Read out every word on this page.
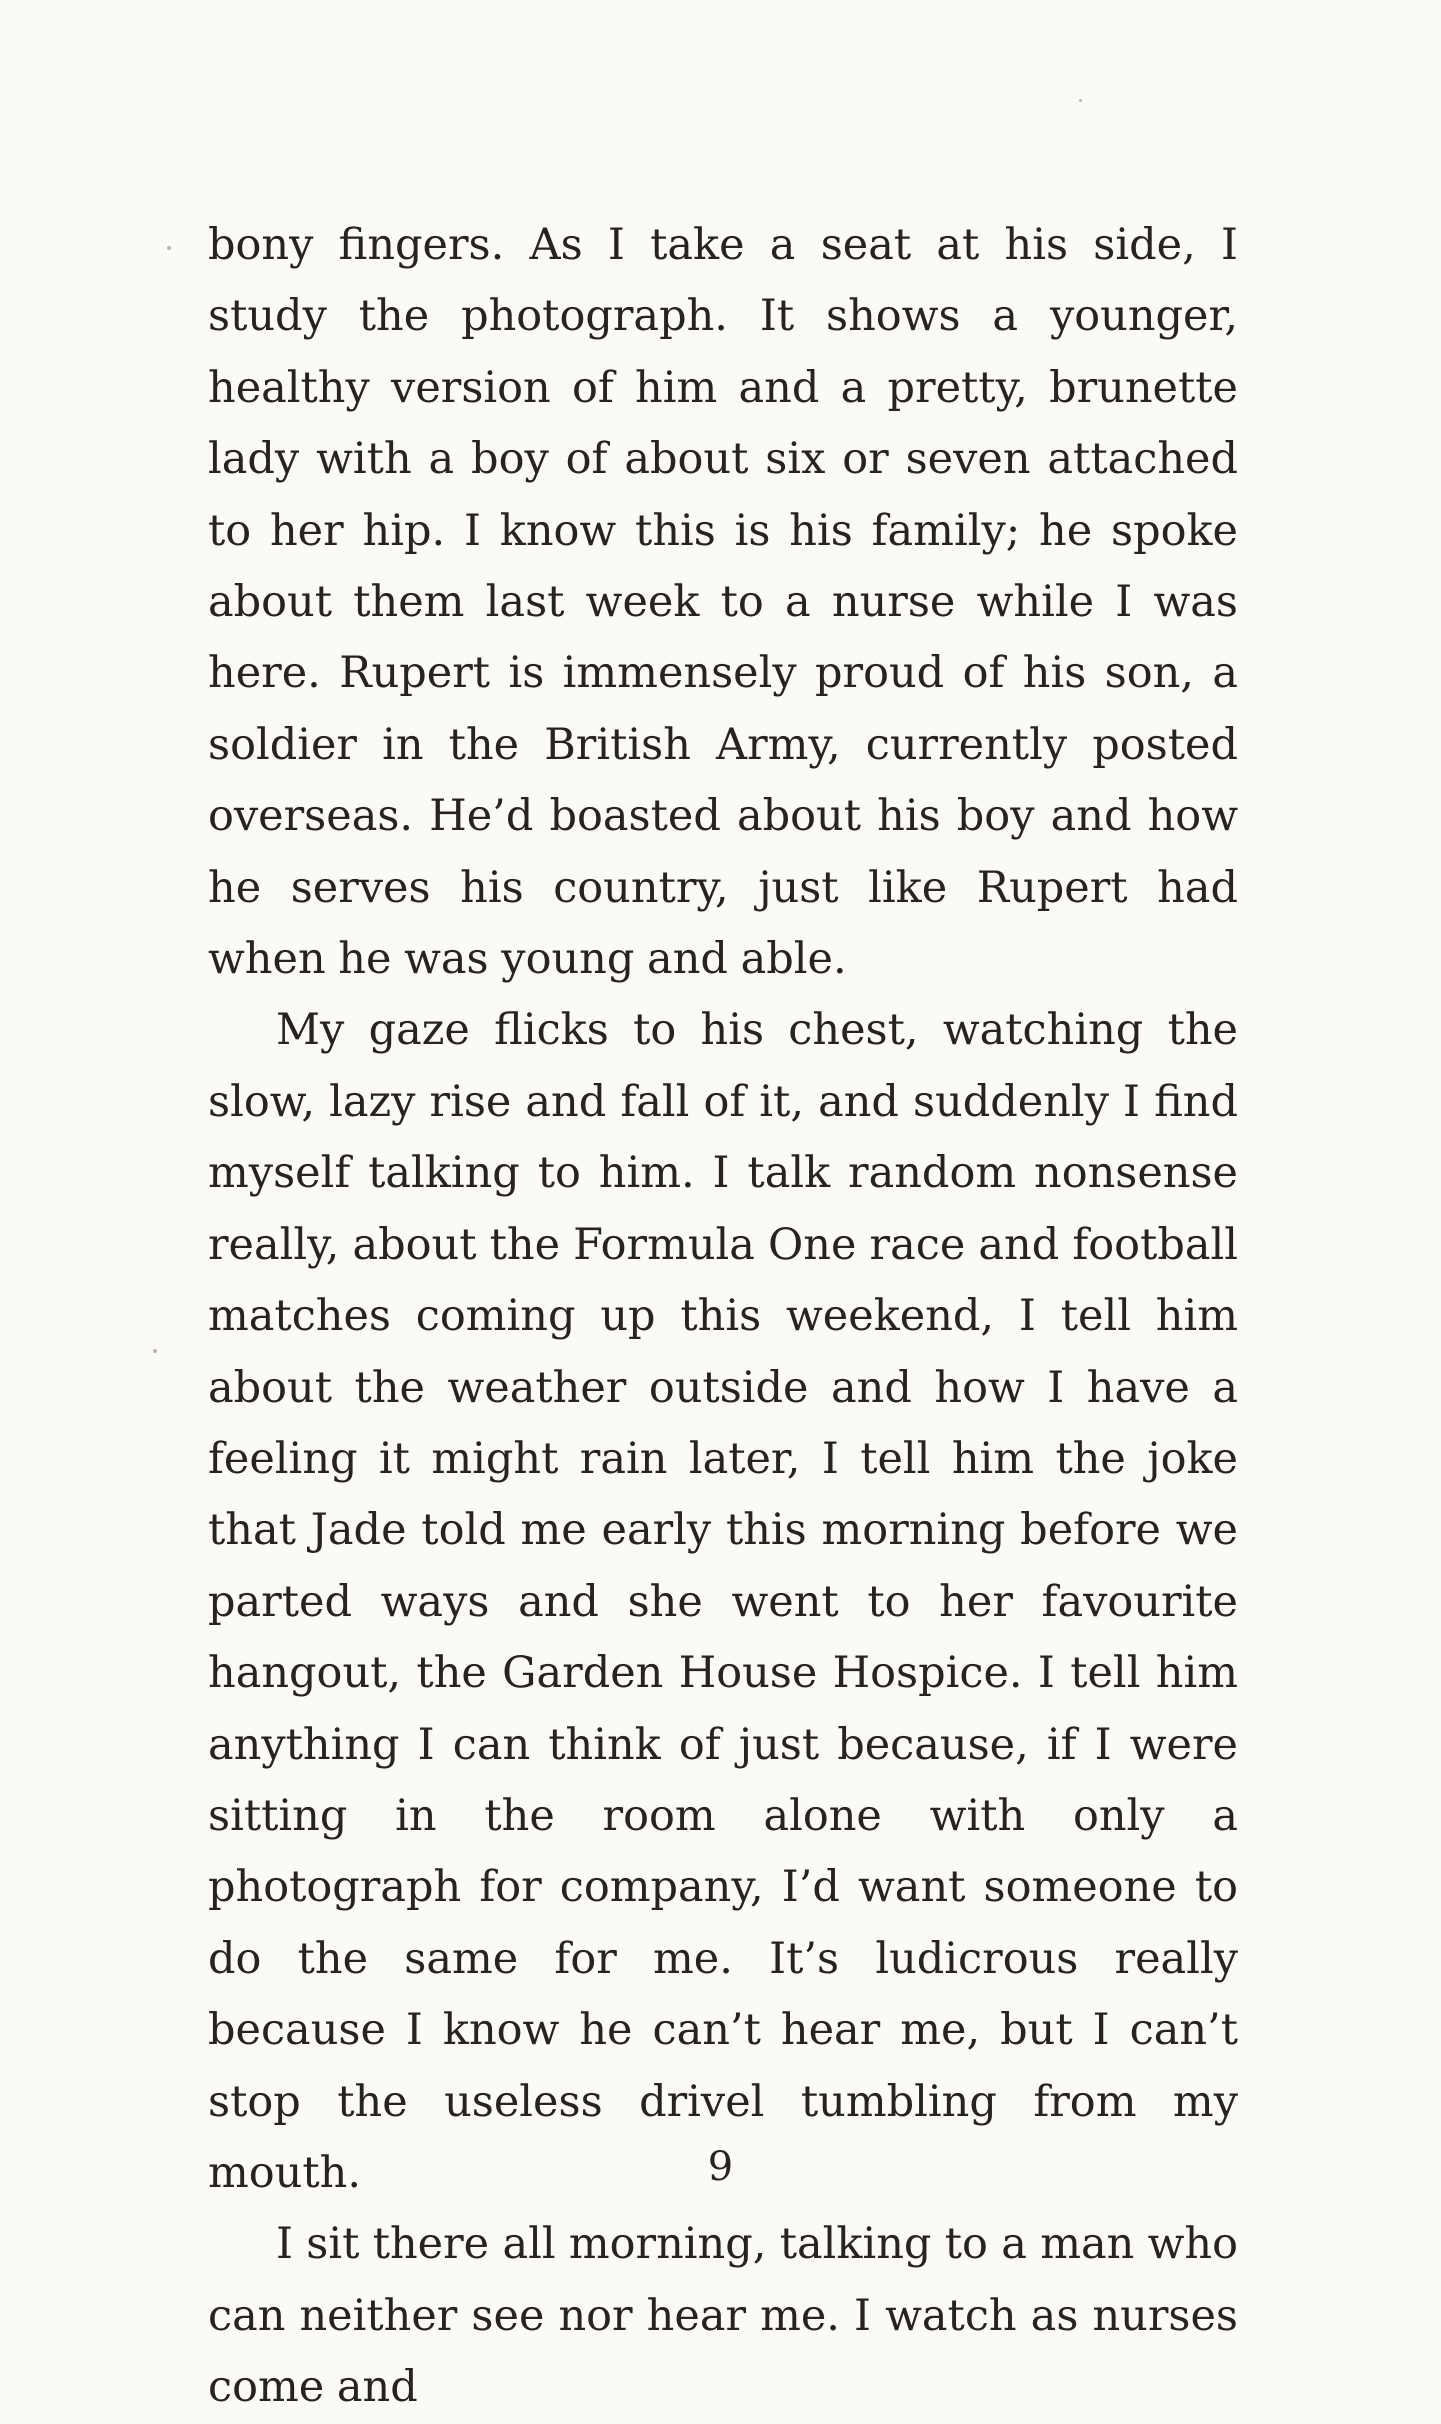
bony fingers. As I take a seat at his side, I study the photograph. It shows a younger, healthy version of him and a pretty, brunette lady with a boy of about six or seven attached to her hip. I know this is his family; he spoke about them last week to a nurse while I was here. Rupert is immensely proud of his son, a soldier in the British Army, currently posted overseas. He’d boasted about his boy and how he serves his country, just like Rupert had when he was young and able.

My gaze flicks to his chest, watching the slow, lazy rise and fall of it, and suddenly I find myself talking to him. I talk random nonsense really, about the Formula One race and football matches coming up this weekend, I tell him about the weather outside and how I have a feeling it might rain later, I tell him the joke that Jade told me early this morning before we parted ways and she went to her favourite hangout, the Garden House Hospice. I tell him anything I can think of just because, if I were sitting in the room alone with only a photograph for company, I’d want someone to do the same for me. It’s ludicrous really because I know he can’t hear me, but I can’t stop the useless drivel tumbling from my mouth.

I sit there all morning, talking to a man who can neither see nor hear me. I watch as nurses come and

9
